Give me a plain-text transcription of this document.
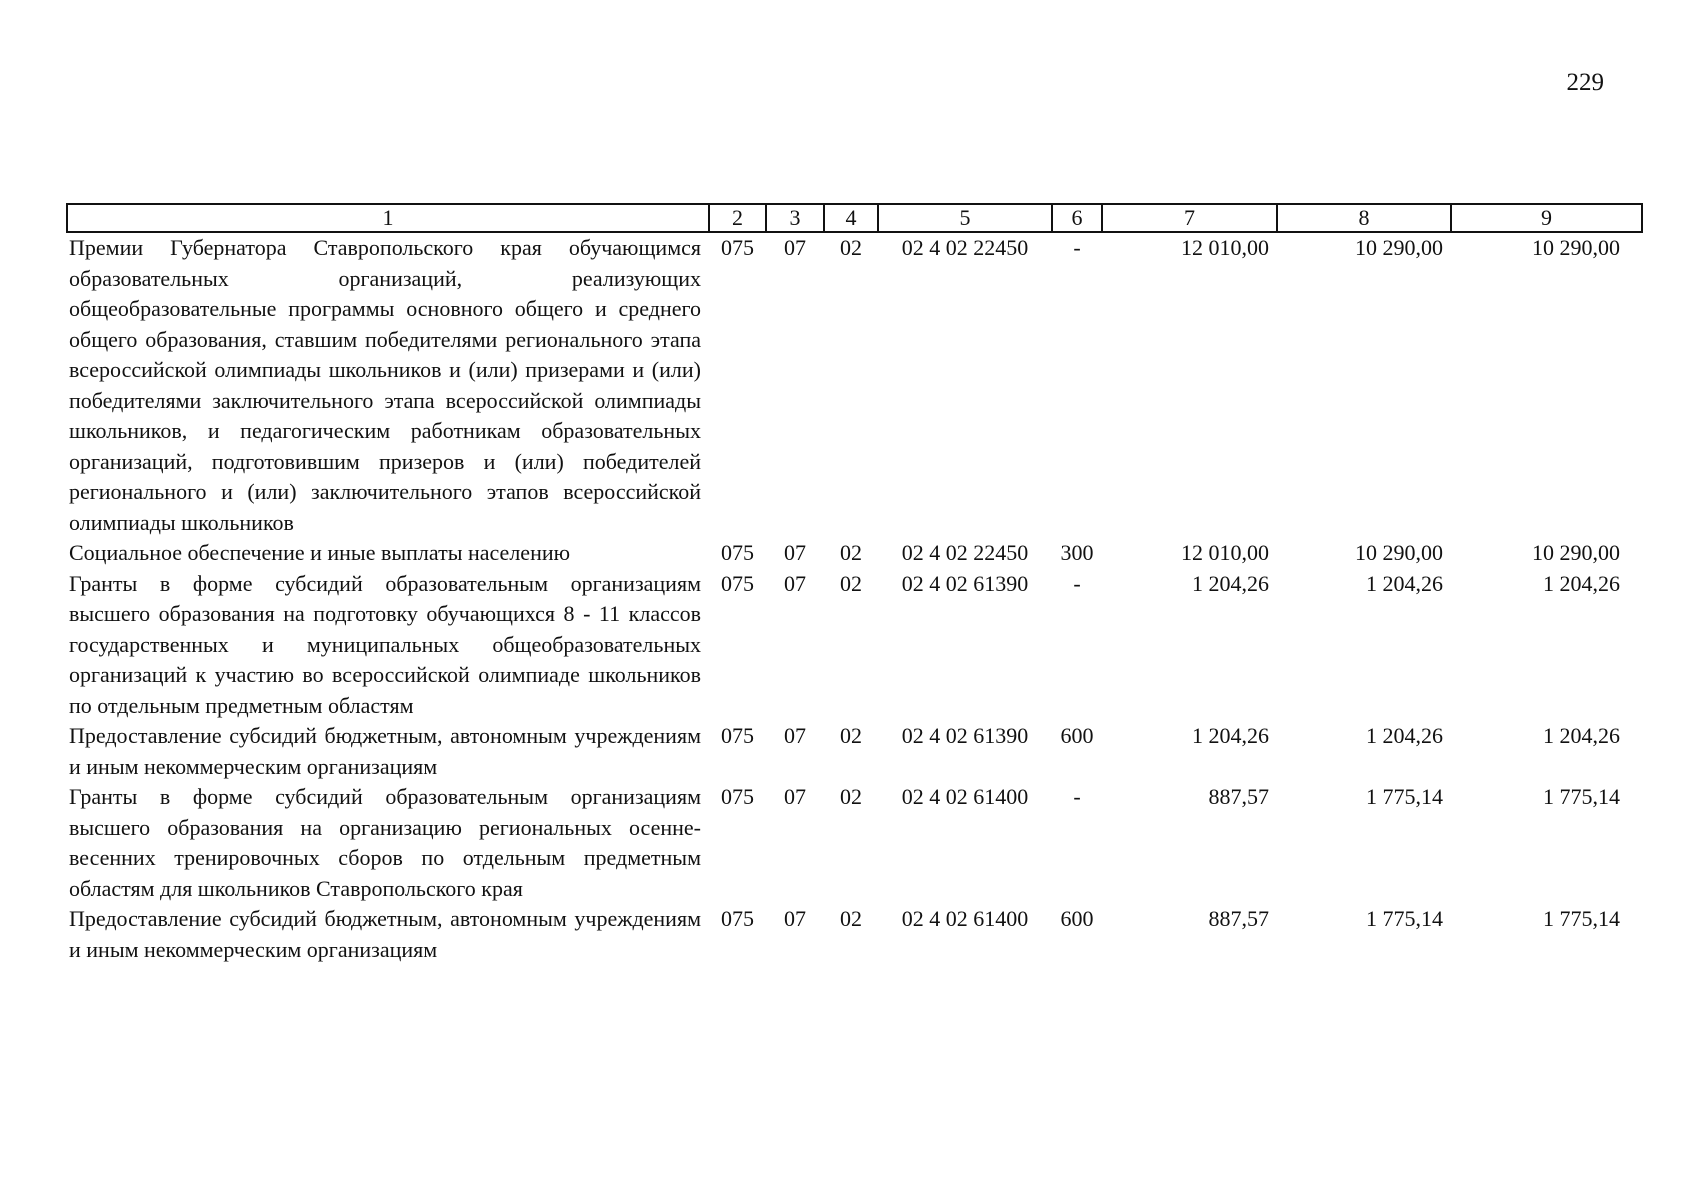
229
1	2	3	4	5	6	7	8	9
Премии Губернатора Ставропольского края обучающимся образовательных организаций, реализующих общеобразовательные программы основного общего и среднего общего образования, ставшим победителями регионального этапа всероссийской олимпиады школьников и (или) призерами и (или) победителями заключительного этапа всероссийской олимпиады школьников, и педагогическим работникам образовательных организаций, подготовившим призеров и (или) победителей регионального и (или) заключительного этапов всероссийской олимпиады школьников	075	07	02	02 4 02 22450	-	12 010,00	10 290,00	10 290,00
Социальное обеспечение и иные выплаты населению	075	07	02	02 4 02 22450	300	12 010,00	10 290,00	10 290,00
Гранты в форме субсидий образовательным организациям высшего образования на подготовку обучающихся 8 - 11 классов государственных и муниципальных общеобразовательных организаций к участию во всероссийской олимпиаде школьников по отдельным предметным областям	075	07	02	02 4 02 61390	-	1 204,26	1 204,26	1 204,26
Предоставление субсидий бюджетным, автономным учреждениям и иным некоммерческим организациям	075	07	02	02 4 02 61390	600	1 204,26	1 204,26	1 204,26
Гранты в форме субсидий образовательным организациям высшего образования на организацию региональных осенне-весенних тренировочных сборов по отдельным предметным областям для школьников Ставропольского края	075	07	02	02 4 02 61400	-	887,57	1 775,14	1 775,14
Предоставление субсидий бюджетным, автономным учреждениям и иным некоммерческим организациям	075	07	02	02 4 02 61400	600	887,57	1 775,14	1 775,14
